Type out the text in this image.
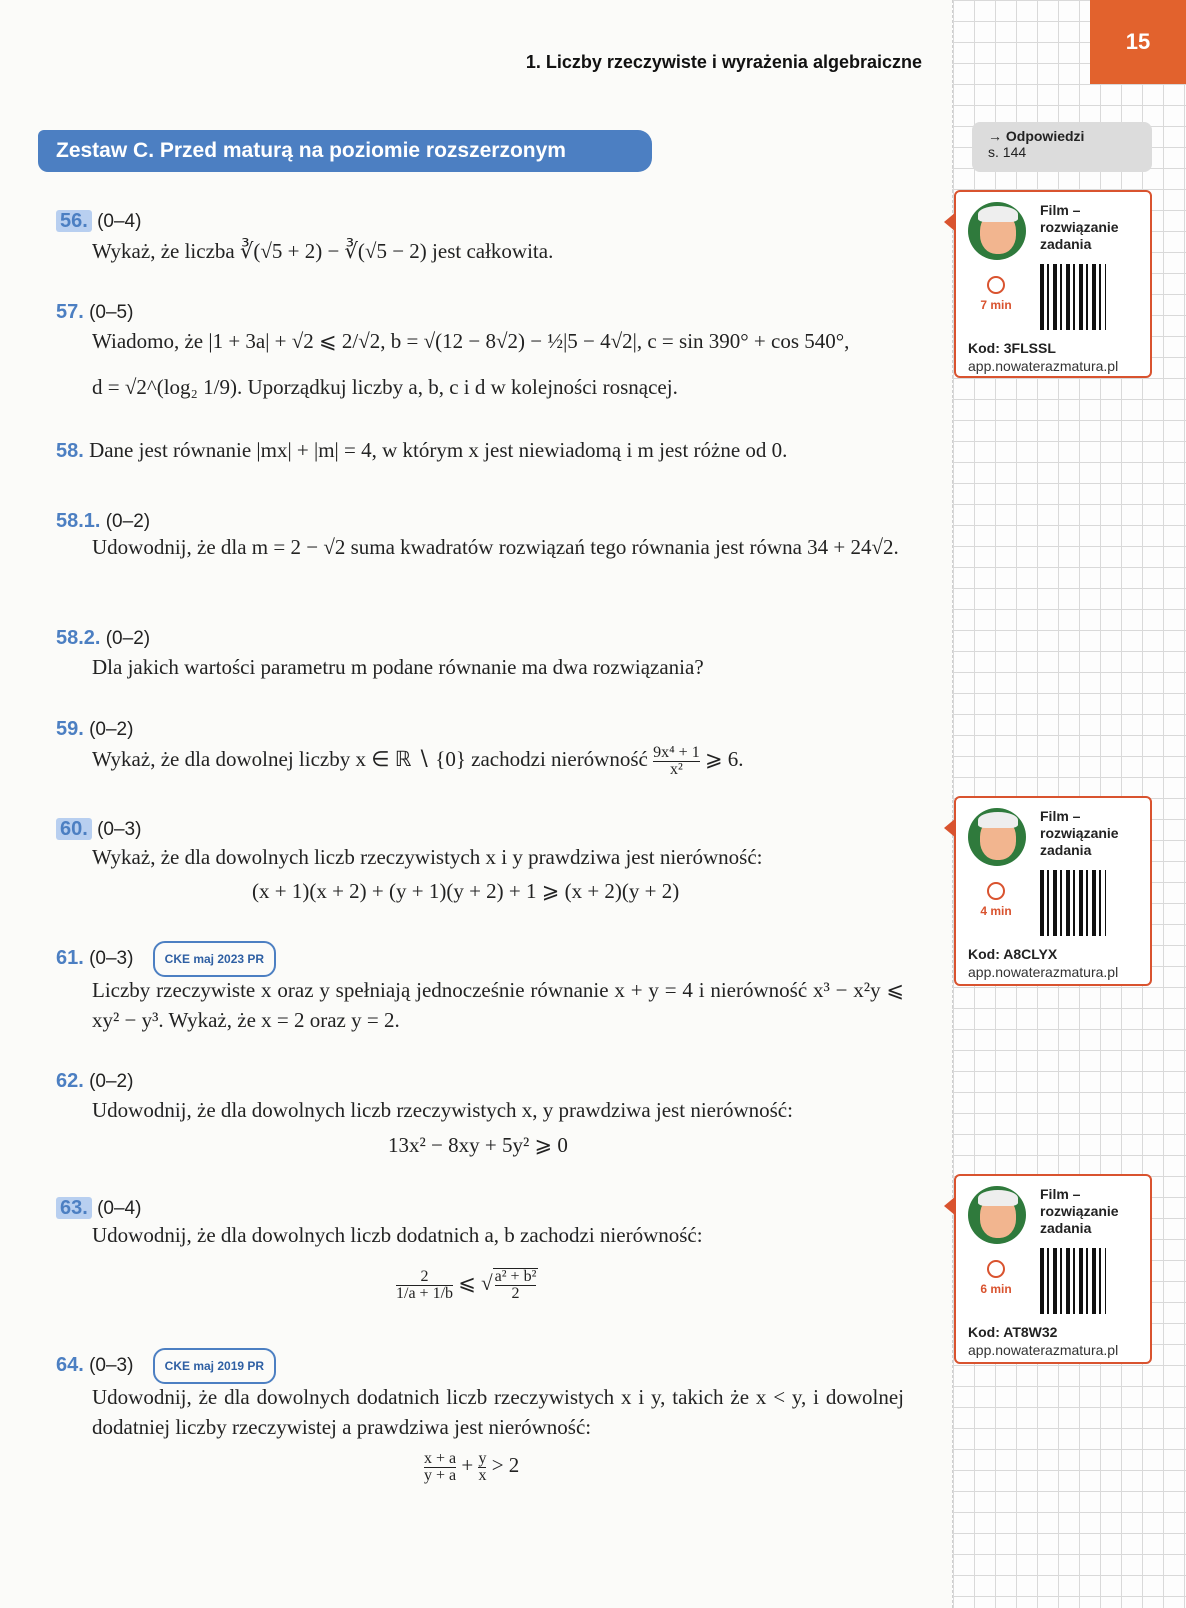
15
1. Liczby rzeczywiste i wyrażenia algebraiczne
Zestaw C. Przed maturą na poziomie rozszerzonym
→ Odpowiedzi
s. 144
Film – rozwiązanie zadania
7 min
Kod: 3FLSSL
app.nowaterazmatura.pl
Film – rozwiązanie zadania
4 min
Kod: A8CLYX
app.nowaterazmatura.pl
Film – rozwiązanie zadania
6 min
Kod: AT8W32
app.nowaterazmatura.pl
56. (0–4)
Wykaż, że liczba ∛(√5 + 2) − ∛(√5 − 2) jest całkowita.
57. (0–5)
Wiadomo, że |1 + 3a| + √2 ⩽ 2/√2, b = √(12 − 8√2) − ½|5 − 4√2|, c = sin 390° + cos 540°,
d = √2^(log₂ 1/9). Uporządkuj liczby a, b, c i d w kolejności rosnącej.
58. Dane jest równanie |mx| + |m| = 4, w którym x jest niewiadomą i m jest różne od 0.
58.1. (0–2)
Udowodnij, że dla m = 2 − √2 suma kwadratów rozwiązań tego równania jest równa 34 + 24√2.
58.2. (0–2)
Dla jakich wartości parametru m podane równanie ma dwa rozwiązania?
59. (0–2)
Wykaż, że dla dowolnej liczby x ∈ ℝ ∖ {0} zachodzi nierówność $\frac{\text{9x⁴ + 1}}{\text{x²}}$ ⩾ 6.
60. (0–3)
Wykaż, że dla dowolnych liczb rzeczywistych x i y prawdziwa jest nierówność:
(x + 1)(x + 2) + (y + 1)(y + 2) + 1 ⩾ (x + 2)(y + 2)
61. (0–3)	CKE maj 2023 PR
Liczby rzeczywiste x oraz y spełniają jednocześnie równanie x + y = 4 i nierówność x³ − x²y ⩽ xy² − y³. Wykaż, że x = 2 oraz y = 2.
62. (0–2)
Udowodnij, że dla dowolnych liczb rzeczywistych x, y prawdziwa jest nierówność:
13x² − 8xy + 5y² ⩾ 0
63. (0–4)
Udowodnij, że dla dowolnych liczb dodatnich a, b zachodzi nierówność:
$\frac{2}{1/a + 1/b}$ ⩽ √ $\frac{\text{a² + b²}}{2}$
64. (0–3)	CKE maj 2019 PR
Udowodnij, że dla dowolnych dodatnich liczb rzeczywistych x i y, takich że x < y, i dowolnej dodatniej liczby rzeczywistej a prawdziwa jest nierówność:
$\frac{x + a}{y + a} + \frac{y}{x} > 2$
